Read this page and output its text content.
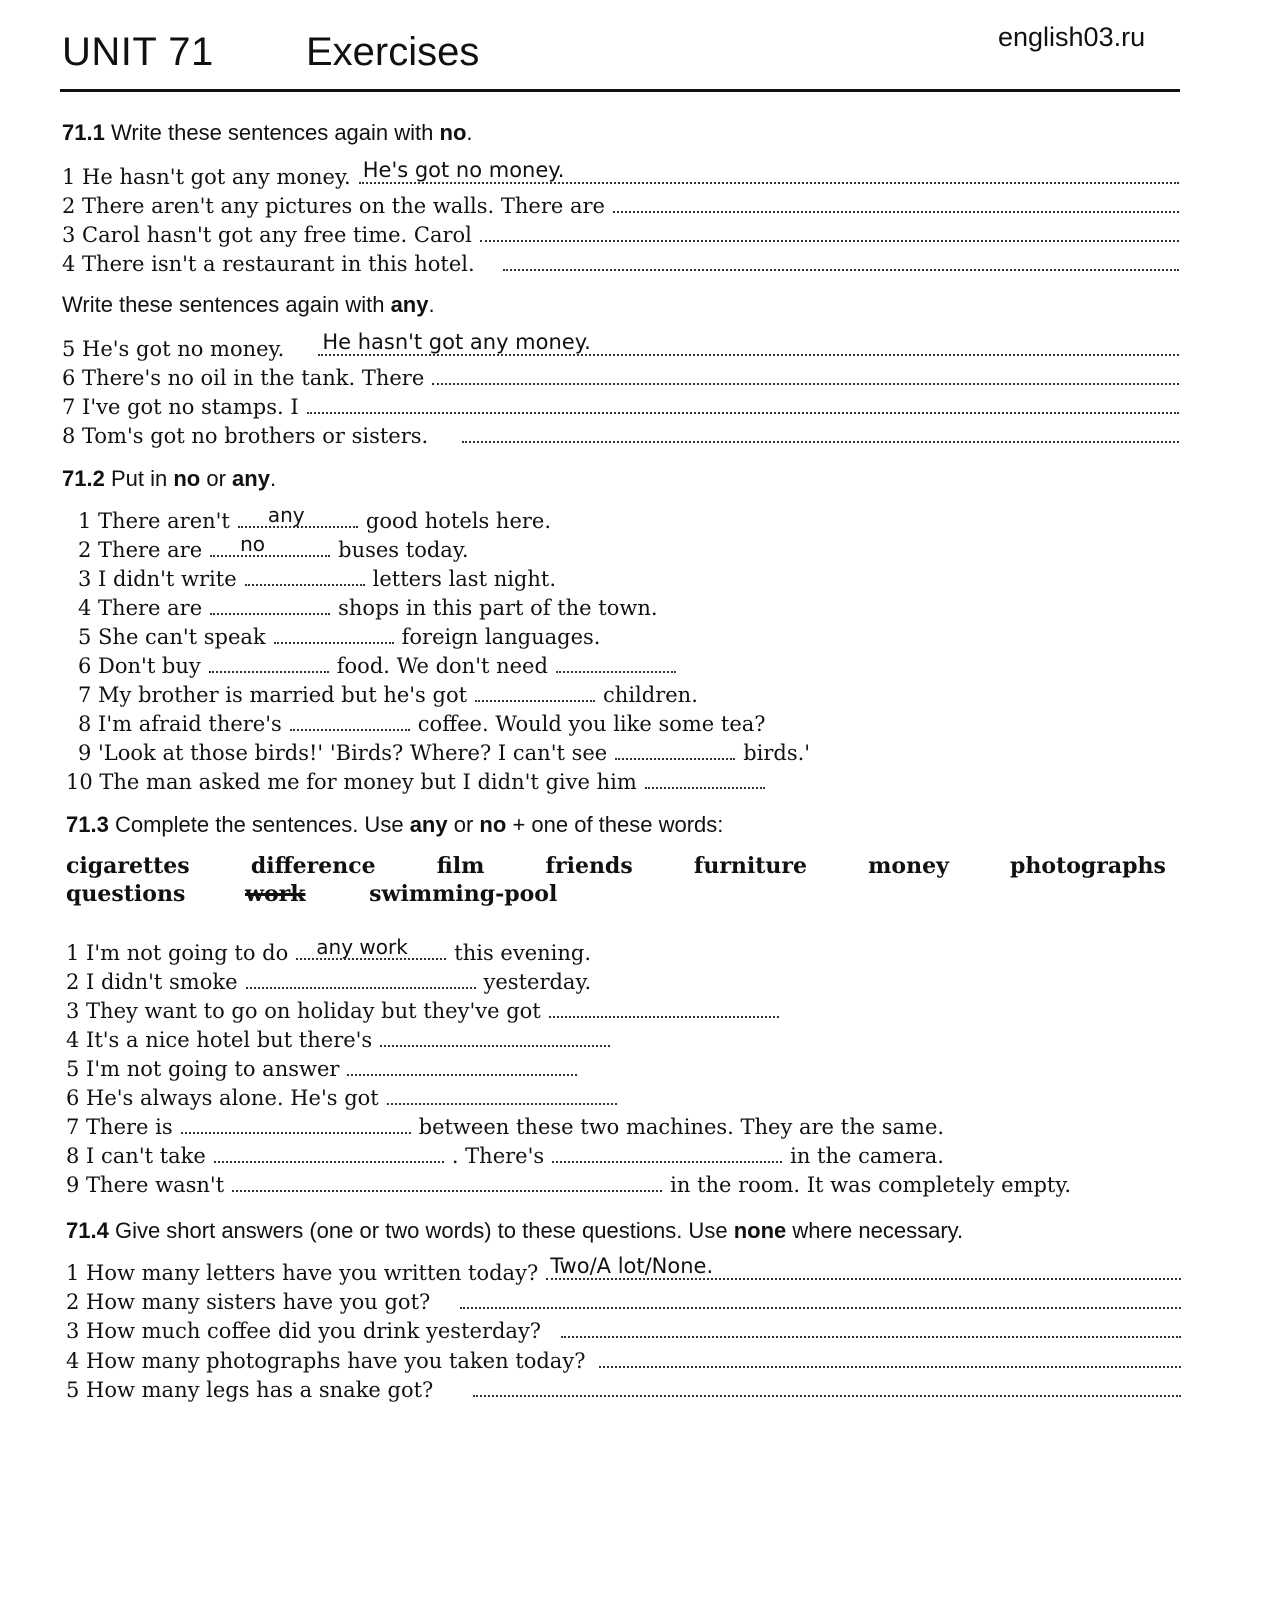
UNIT 71 Exercises	english03.ru
71.1 Write these sentences again with no.
1 He hasn't got any money. He's got no money.
2 There aren't any pictures on the walls. There are
3 Carol hasn't got any free time. Carol
4 There isn't a restaurant in this hotel.
Write these sentences again with any.
5 He's got no money. He hasn't got any money.
6 There's no oil in the tank. There
7 I've got no stamps. I
8 Tom's got no brothers or sisters.
71.2 Put in no or any.
1 There aren't any	good hotels here.
2 There are no	buses today.
3 I didn't write	letters last night.
4 There are	shops in this part of the town.
5 She can't speak	foreign languages.
6 Don't buy	food. We don't need
7 My brother is married but he's got	children.
8 I'm afraid there's	coffee. Would you like some tea?
9 'Look at those birds!' 'Birds? Where? I can't see	birds.'
10 The man asked me for money but I didn't give him
71.3 Complete the sentences. Use any or no + one of these words:
cigarettes	difference	film	friends	furniture	money	photographs
questions	work	swimming-pool
1 I'm not going to do any work this evening.
2 I didn't smoke	yesterday.
3 They want to go on holiday but they've got
4 It's a nice hotel but there's
5 I'm not going to answer
6 He's always alone. He's got
7 There is	between these two machines. They are the same.
8 I can't take	. There's	in the camera.
9 There wasn't	in the room. It was completely empty.
71.4 Give short answers (one or two words) to these questions. Use none where necessary.
1 How many letters have you written today? Two/A lot/None.
2 How many sisters have you got?
3 How much coffee did you drink yesterday?
4 How many photographs have you taken today?
5 How many legs has a snake got?
